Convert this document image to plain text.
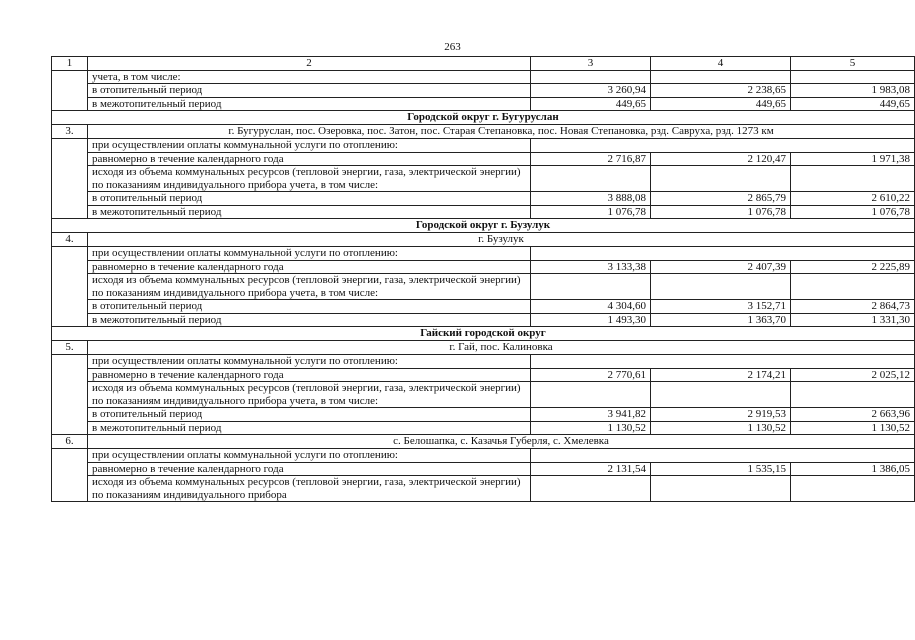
263
1	2	3	4	5
	учета, в том числе:			
	в отопительный период	3 260,94	2 238,65	1 983,08
	в межотопительный период	449,65	449,65	449,65
Городской округ г. Бугуруслан				
3.	г. Бугуруслан, пос. Озеровка, пос. Затон, пос. Старая Степановка, пос. Новая Степановка, рзд. Савруха, рзд. 1273 км			
	при осуществлении оплаты коммунальной услуги по отоплению:			
	равномерно в течение календарного года	2 716,87	2 120,47	1 971,38
	исходя из объема коммунальных ресурсов (тепловой энергии, газа, электрической энергии) по показаниям индивидуального прибора учета, в том числе:			
	в отопительный период	3 888,08	2 865,79	2 610,22
	в межотопительный период	1 076,78	1 076,78	1 076,78
Городской округ г. Бузулук				
4.	г. Бузулук			
	при осуществлении оплаты коммунальной услуги по отоплению:			
	равномерно в течение календарного года	3 133,38	2 407,39	2 225,89
	исходя из объема коммунальных ресурсов (тепловой энергии, газа, электрической энергии) по показаниям индивидуального прибора учета, в том числе:			
	в отопительный период	4 304,60	3 152,71	2 864,73
	в межотопительный период	1 493,30	1 363,70	1 331,30
Гайский городской округ				
5.	г. Гай, пос. Калиновка			
	при осуществлении оплаты коммунальной услуги по отоплению:			
	равномерно в течение календарного года	2 770,61	2 174,21	2 025,12
	исходя из объема коммунальных ресурсов (тепловой энергии, газа, электрической энергии) по показаниям индивидуального прибора учета, в том числе:			
	в отопительный период	3 941,82	2 919,53	2 663,96
	в межотопительный период	1 130,52	1 130,52	1 130,52
6.	с. Белошапка, с. Казачья Губерля, с. Хмелевка			
	при осуществлении оплаты коммунальной услуги по отоплению:			
	равномерно в течение календарного года	2 131,54	1 535,15	1 386,05
	исходя из объема коммунальных ресурсов (тепловой энергии, газа, электрической энергии) по показаниям индивидуального прибора			
